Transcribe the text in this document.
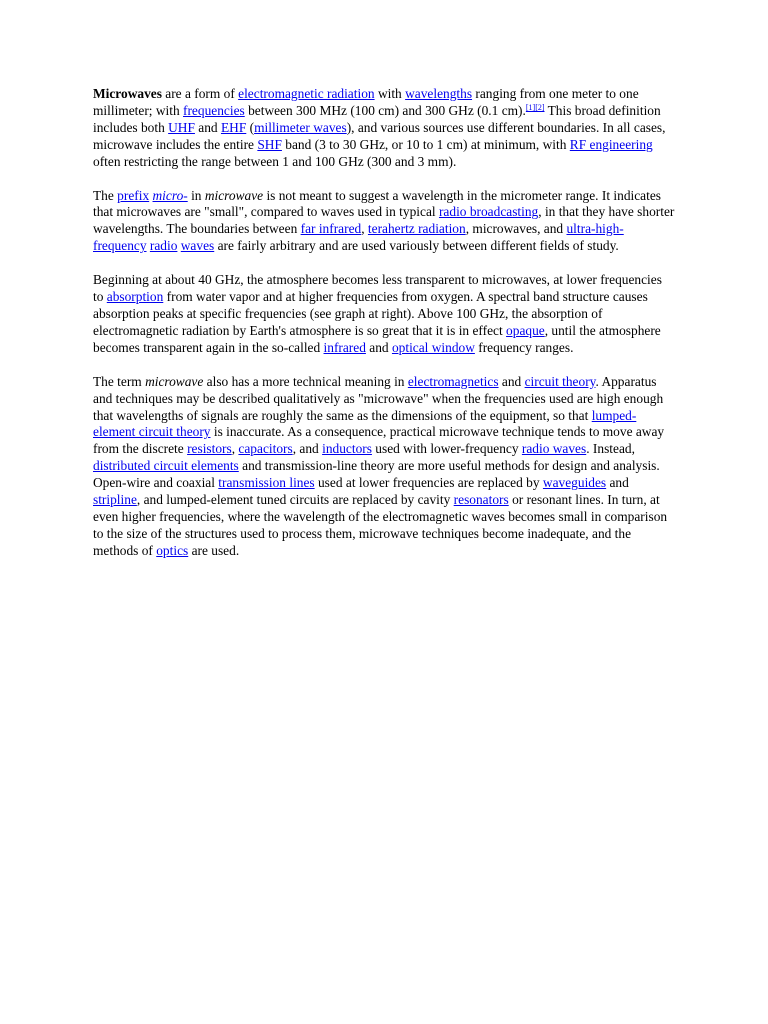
Microwaves are a form of electromagnetic radiation with wavelengths ranging from one meter to one millimeter; with frequencies between 300 MHz (100 cm) and 300 GHz (0.1 cm).[1][2] This broad definition includes both UHF and EHF (millimeter waves), and various sources use different boundaries. In all cases, microwave includes the entire SHF band (3 to 30 GHz, or 10 to 1 cm) at minimum, with RF engineering often restricting the range between 1 and 100 GHz (300 and 3 mm).

The prefix micro- in microwave is not meant to suggest a wavelength in the micrometer range. It indicates that microwaves are "small", compared to waves used in typical radio broadcasting, in that they have shorter wavelengths. The boundaries between far infrared, terahertz radiation, microwaves, and ultra-high-frequency radio waves are fairly arbitrary and are used variously between different fields of study.

Beginning at about 40 GHz, the atmosphere becomes less transparent to microwaves, at lower frequencies to absorption from water vapor and at higher frequencies from oxygen. A spectral band structure causes absorption peaks at specific frequencies (see graph at right). Above 100 GHz, the absorption of electromagnetic radiation by Earth's atmosphere is so great that it is in effect opaque, until the atmosphere becomes transparent again in the so-called infrared and optical window frequency ranges.

The term microwave also has a more technical meaning in electromagnetics and circuit theory. Apparatus and techniques may be described qualitatively as "microwave" when the frequencies used are high enough that wavelengths of signals are roughly the same as the dimensions of the equipment, so that lumped-element circuit theory is inaccurate. As a consequence, practical microwave technique tends to move away from the discrete resistors, capacitors, and inductors used with lower-frequency radio waves. Instead, distributed circuit elements and transmission-line theory are more useful methods for design and analysis. Open-wire and coaxial transmission lines used at lower frequencies are replaced by waveguides and stripline, and lumped-element tuned circuits are replaced by cavity resonators or resonant lines. In turn, at even higher frequencies, where the wavelength of the electromagnetic waves becomes small in comparison to the size of the structures used to process them, microwave techniques become inadequate, and the methods of optics are used.
